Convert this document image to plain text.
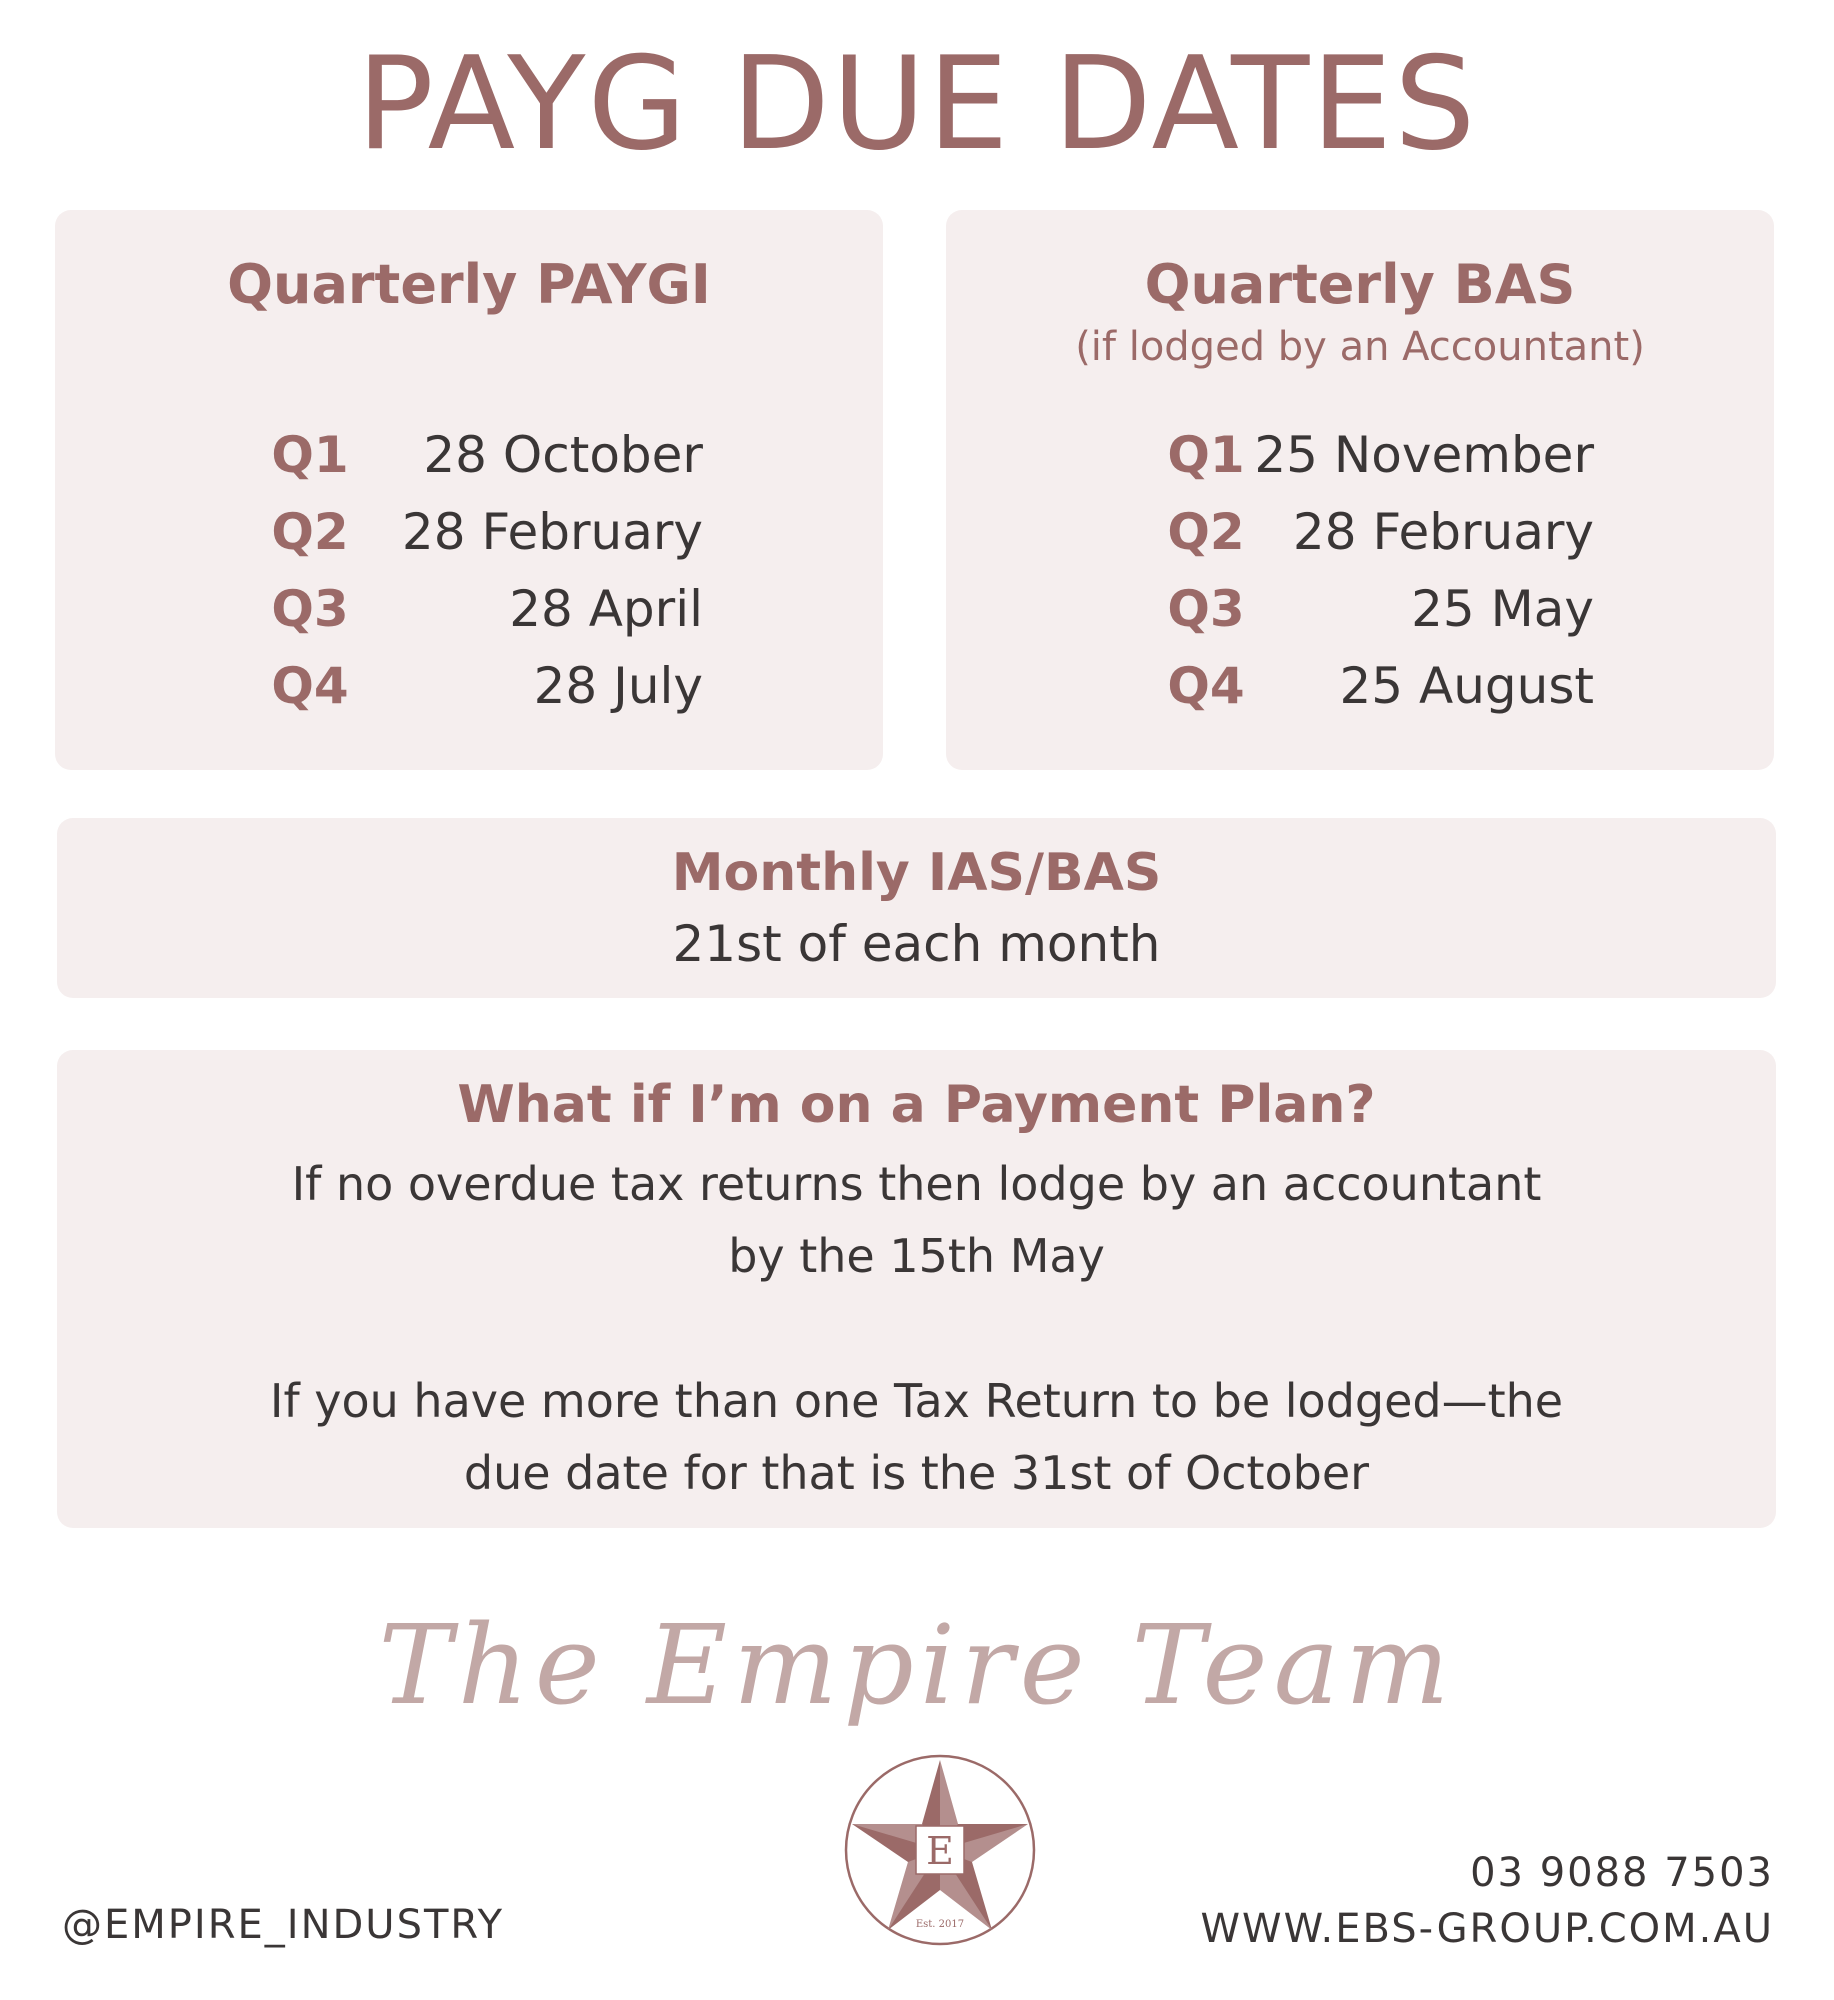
PAYG DUE DATES
Quarterly PAYGI
Q1 28 October
Q2 28 February
Q3	28 April
Q4	28 July
Quarterly BAS
(if lodged by an Accountant)
Q1 25 November
Q2 28 February
Q3	25 May
Q4 25 August
Monthly IAS/BAS
21st of each month
What if I’m on a Payment Plan?
If no overdue tax returns then lodge by an accountant
by the 15th May
If you have more than one Tax Return to be lodged—the
due date for that is the 31st of October
The Empire Team
E
Est. 2017
@EMPIRE_INDUSTRY
03 9088 7503
WWW.EBS-GROUP.COM.AU
